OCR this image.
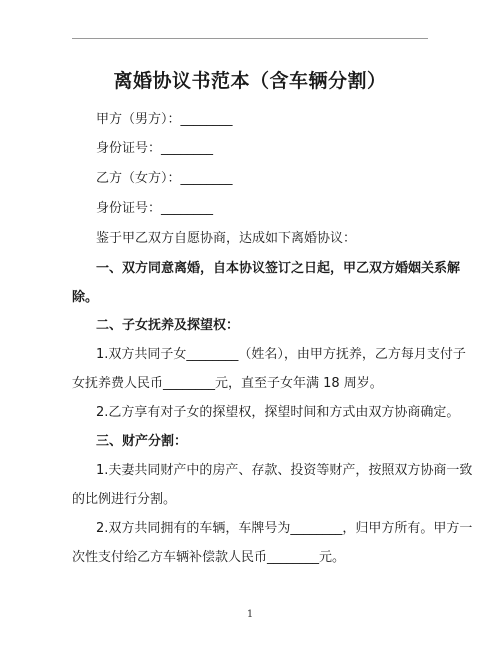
离婚协议书范本（含车辆分割）
甲方（男方）：________
身份证号：________
乙方（女方）：________
身份证号：________
鉴于甲乙双方自愿协商，达成如下离婚协议：
一、双方同意离婚，自本协议签订之日起，甲乙双方婚姻关系解
除。
二、子女抚养及探望权：
1.双方共同子女________（姓名），由甲方抚养，乙方每月支付子
女抚养费人民币________元，直至子女年满 18 周岁。
2.乙方享有对子女的探望权，探望时间和方式由双方协商确定。
三、财产分割：
1.夫妻共同财产中的房产、存款、投资等财产，按照双方协商一致
的比例进行分割。
2.双方共同拥有的车辆，车牌号为________，归甲方所有。甲方一
次性支付给乙方车辆补偿款人民币________元。
1
